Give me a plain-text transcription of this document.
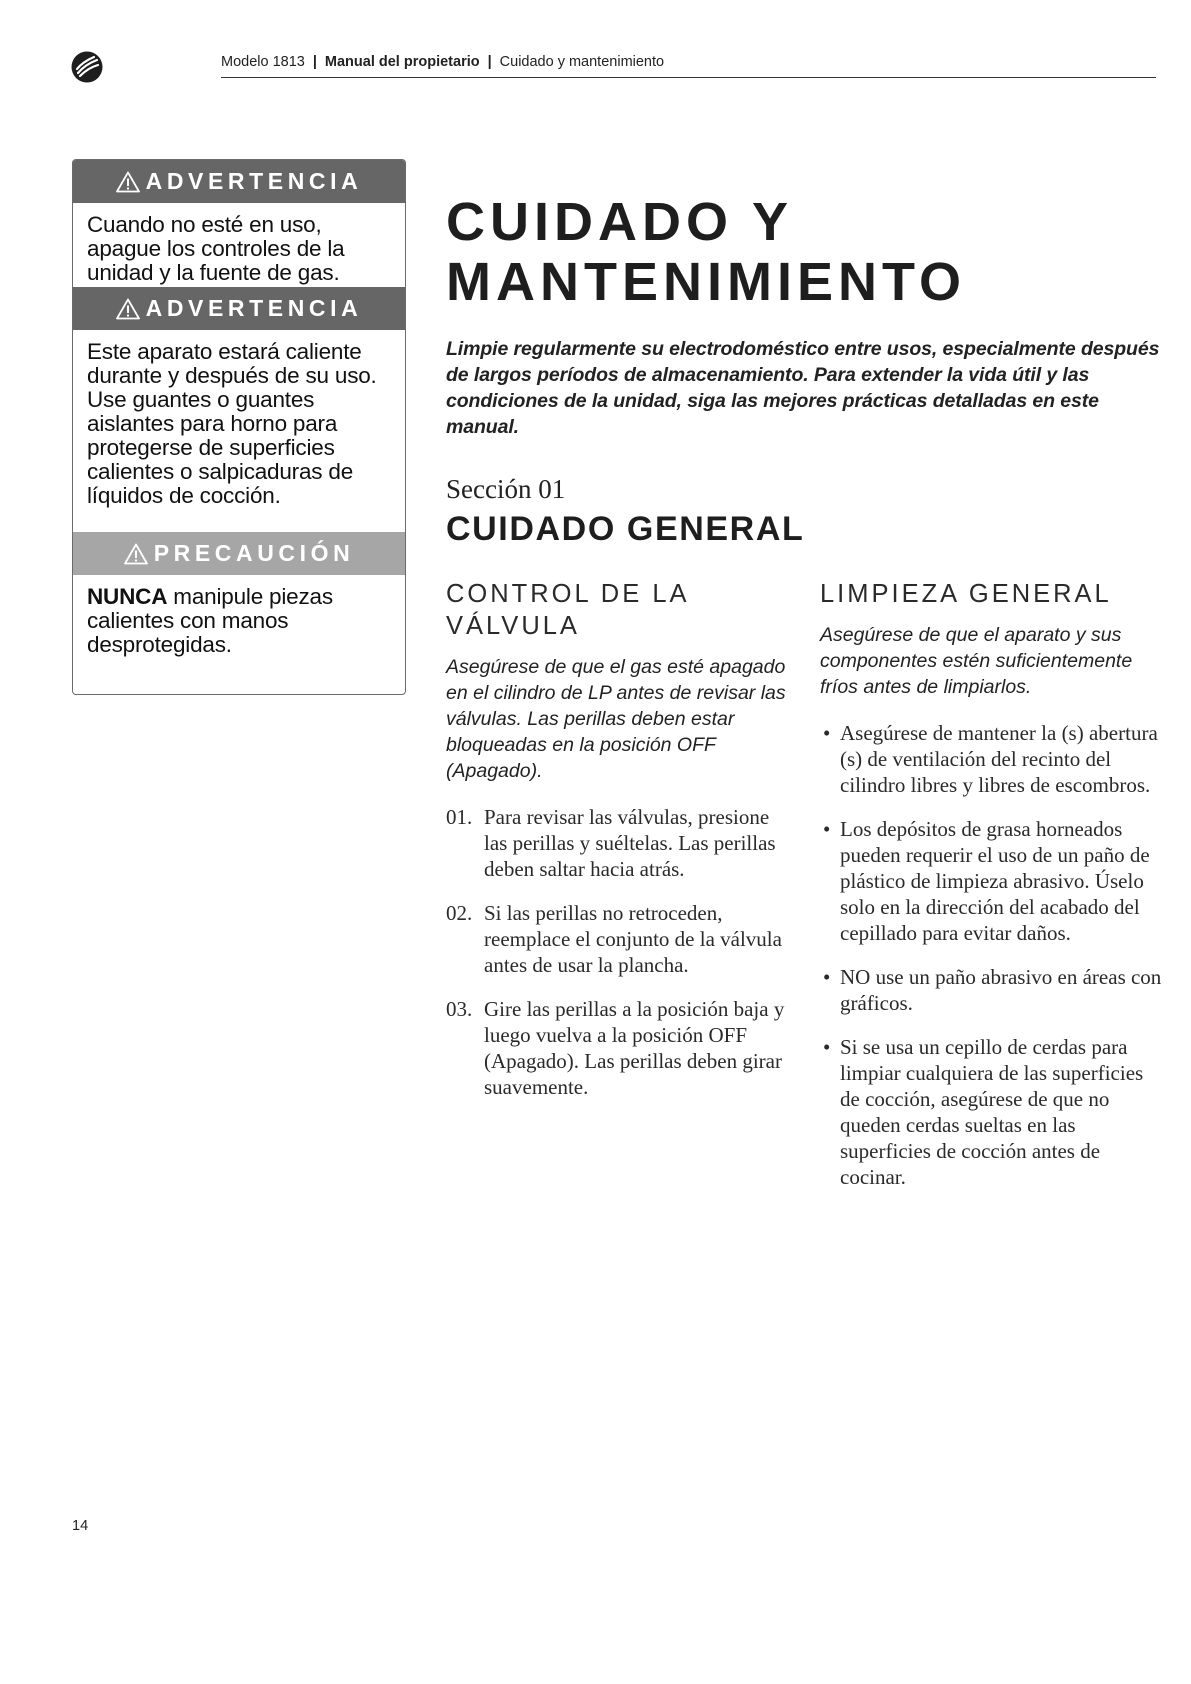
Modelo 1813 | Manual del propietario | Cuidado y mantenimiento
ADVERTENCIA
Cuando no esté en uso, apague los controles de la unidad y la fuente de gas.
ADVERTENCIA
Este aparato estará caliente durante y después de su uso. Use guantes o guantes aislantes para horno para protegerse de superficies calientes o salpicaduras de líquidos de cocción.
PRECAUCIÓN
NUNCA manipule piezas calientes con manos desprotegidas.
CUIDADO Y
MANTENIMIENTO
Limpie regularmente su electrodoméstico entre usos, especialmente después de largos períodos de almacenamiento. Para extender la vida útil y las condiciones de la unidad, siga las mejores prácticas detalladas en este manual.
Sección 01
CUIDADO GENERAL
CONTROL DE LA
VÁLVULA

Asegúrese de que el gas esté apagado en el cilindro de LP antes de revisar las válvulas. Las perillas deben estar bloqueadas en la posición OFF (Apagado).

01. Para revisar las válvulas, presione las perillas y suéltelas. Las perillas deben saltar hacia atrás.
02. Si las perillas no retroceden, reemplace el conjunto de la válvula antes de usar la plancha.
03. Gire las perillas a la posición baja y luego vuelva a la posición OFF (Apagado). Las perillas deben girar suavemente.
LIMPIEZA GENERAL

Asegúrese de que el aparato y sus componentes estén suficientemente fríos antes de limpiarlos.

• Asegúrese de mantener la (s) abertura (s) de ventilación del recinto del cilindro libres y libres de escombros.
• Los depósitos de grasa horneados pueden requerir el uso de un paño de plástico de limpieza abrasivo. Úselo solo en la dirección del acabado del cepillado para evitar daños.
• NO use un paño abrasivo en áreas con gráficos.
• Si se usa un cepillo de cerdas para limpiar cualquiera de las superficies de cocción, asegúrese de que no queden cerdas sueltas en las superficies de cocción antes de cocinar.
14
